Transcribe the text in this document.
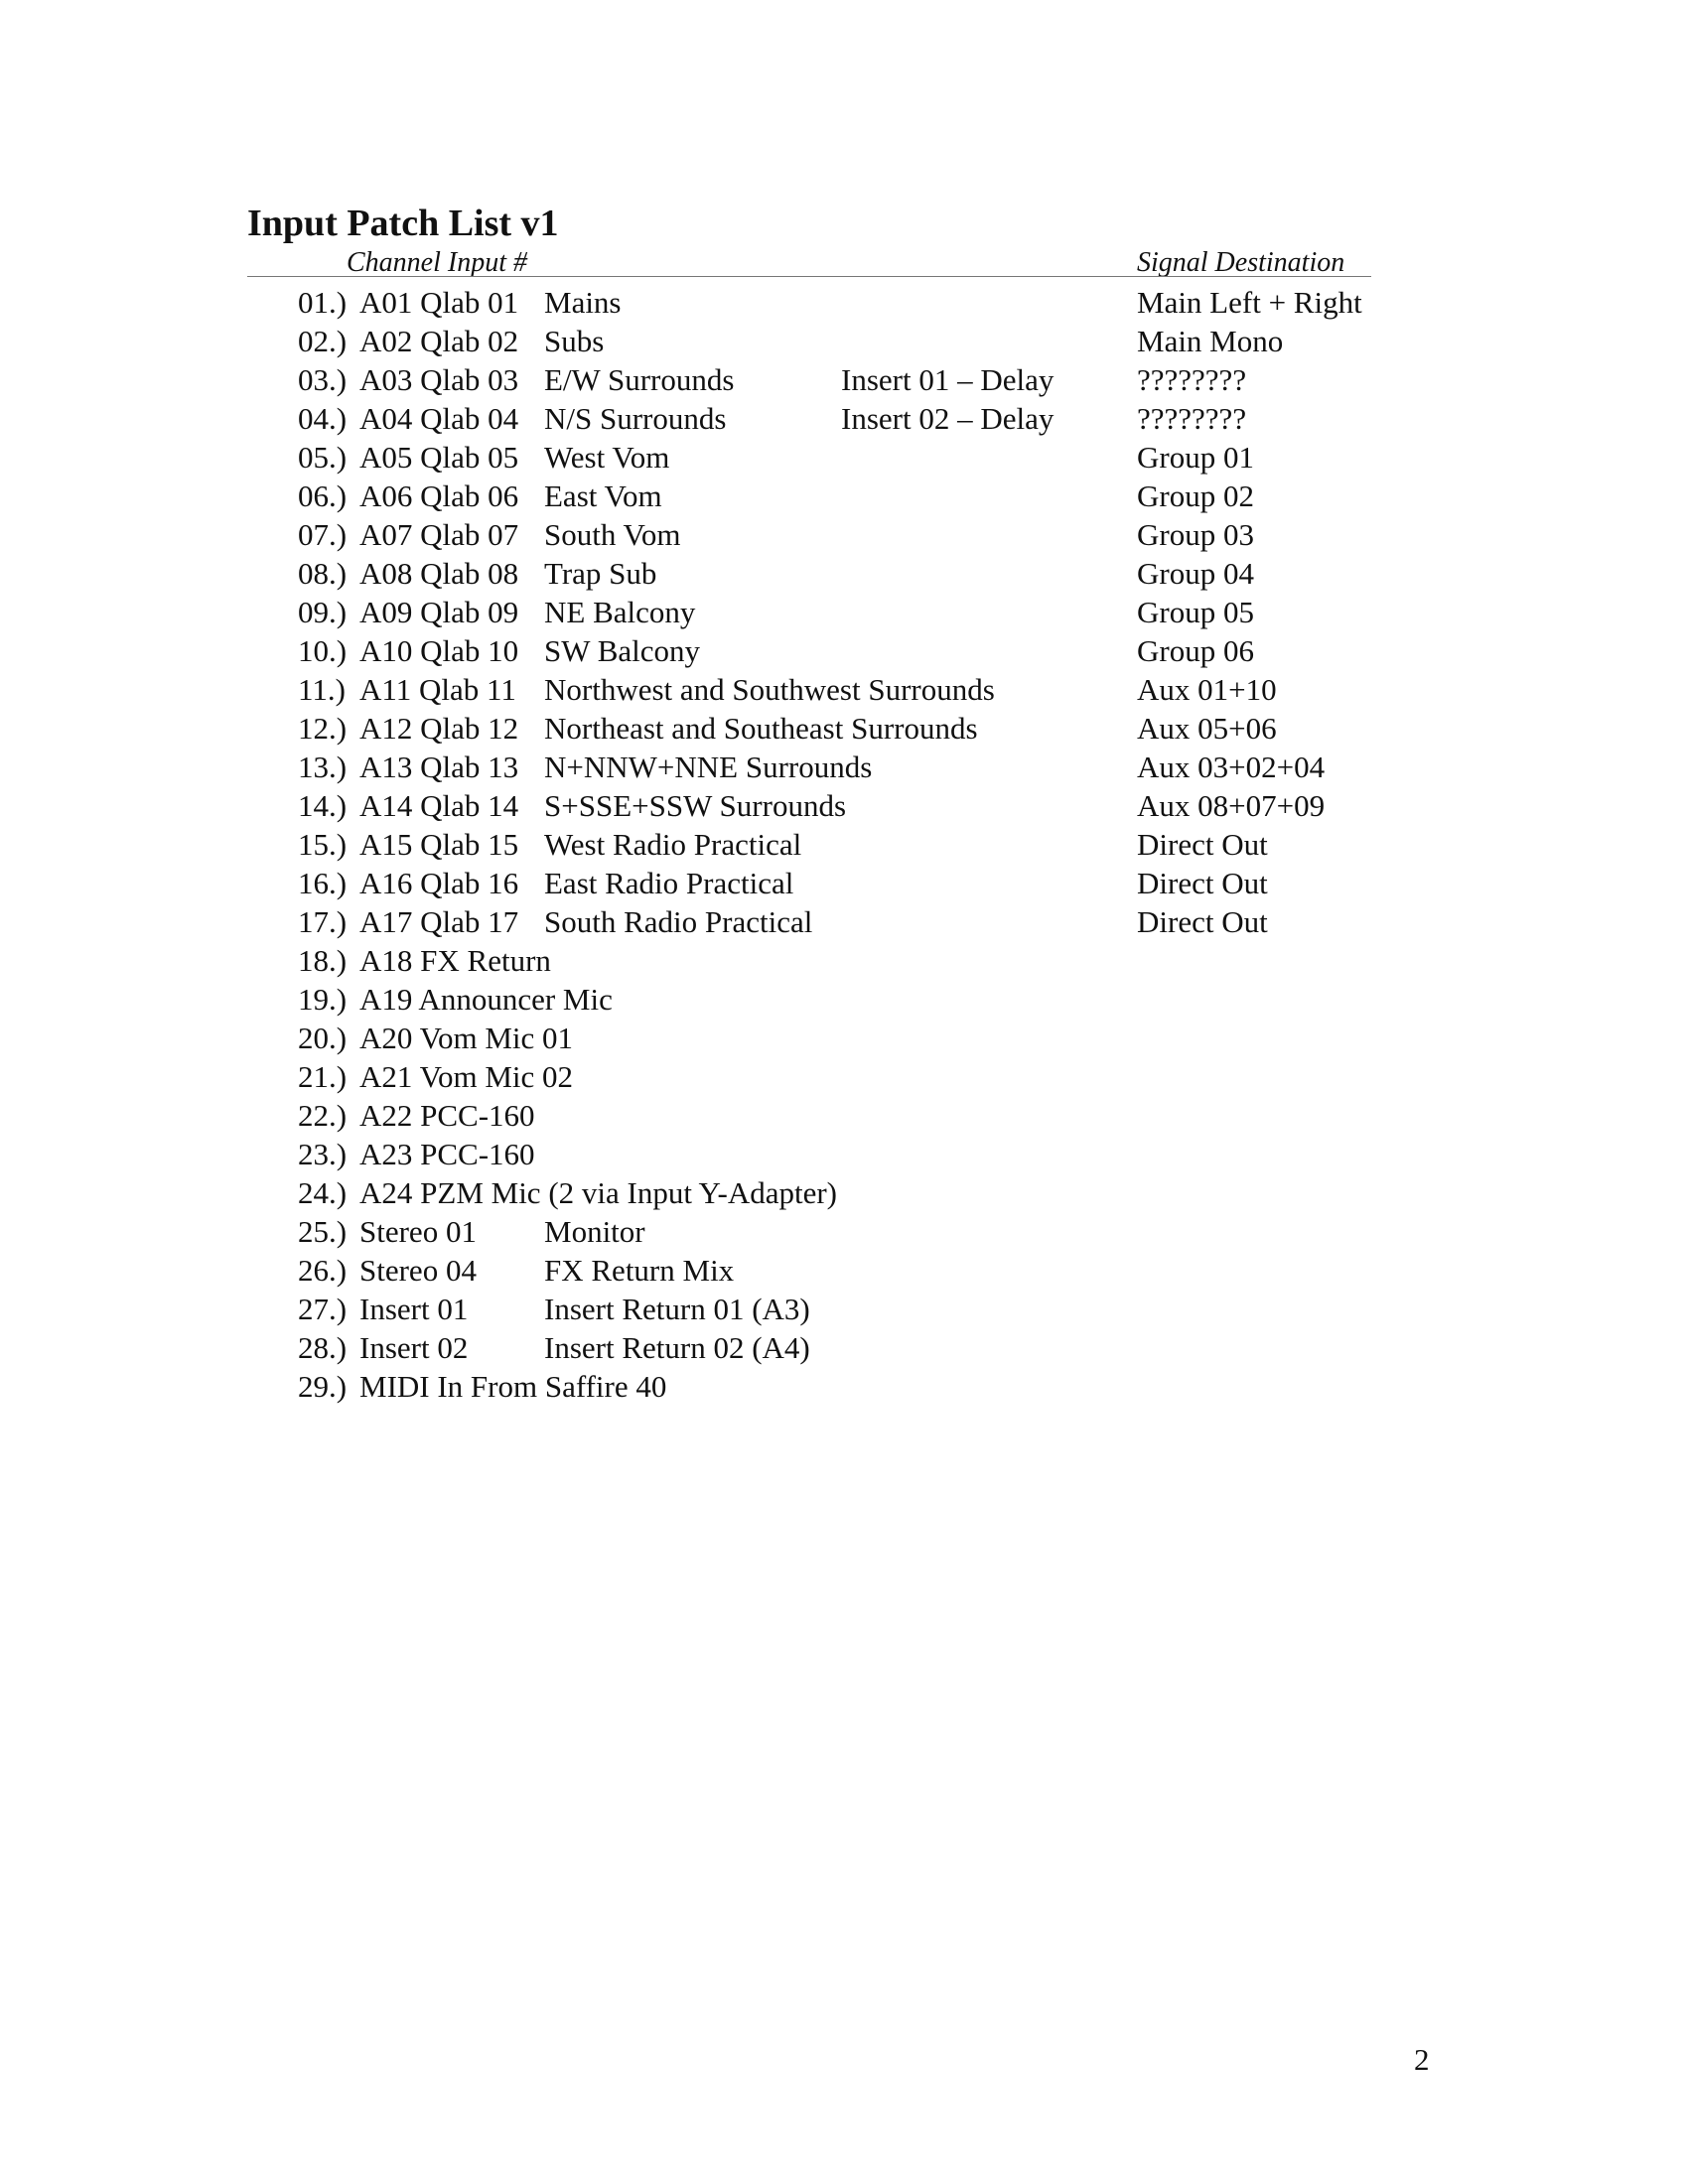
Input Patch List v1
Channel Input #	Signal Destination
01.) A01 Qlab 01 Mains	Main Left + Right
02.) A02 Qlab 02 Subs	Main Mono
03.) A03 Qlab 03 E/W Surrounds	Insert 01 – Delay	????????
04.) A04 Qlab 04 N/S Surrounds	Insert 02 – Delay	????????
05.) A05 Qlab 05 West Vom	Group 01
06.) A06 Qlab 06 East Vom	Group 02
07.) A07 Qlab 07 South Vom	Group 03
08.) A08 Qlab 08 Trap Sub	Group 04
09.) A09 Qlab 09 NE Balcony	Group 05
10.) A10 Qlab 10 SW Balcony	Group 06
11.) A11 Qlab 11 Northwest and Southwest Surrounds	Aux 01+10
12.) A12 Qlab 12 Northeast and Southeast Surrounds	Aux 05+06
13.) A13 Qlab 13 N+NNW+NNE Surrounds	Aux 03+02+04
14.) A14 Qlab 14 S+SSE+SSW Surrounds	Aux 08+07+09
15.) A15 Qlab 15 West Radio Practical	Direct Out
16.) A16 Qlab 16 East Radio Practical	Direct Out
17.) A17 Qlab 17 South Radio Practical	Direct Out
18.) A18 FX Return
19.) A19 Announcer Mic
20.) A20 Vom Mic 01
21.) A21 Vom Mic 02
22.) A22 PCC-160
23.) A23 PCC-160
24.) A24 PZM Mic (2 via Input Y-Adapter)
25.) Stereo 01 Monitor
26.) Stereo 04 FX Return Mix
27.) Insert 01 Insert Return 01 (A3)
28.) Insert 02 Insert Return 02 (A4)
29.) MIDI In From Saffire 40
2
